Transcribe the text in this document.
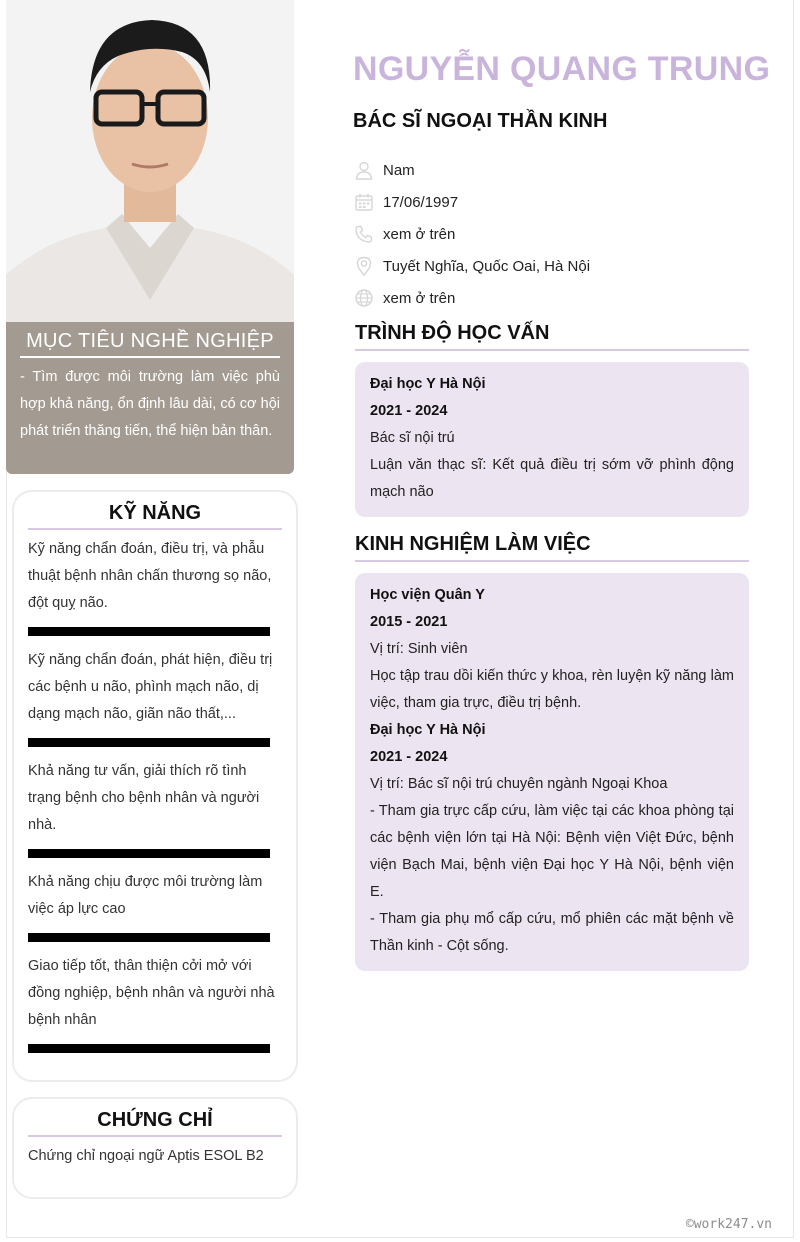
MỤC TIÊU NGHỀ NGHIỆP

- Tìm được môi trường làm việc phù hợp khả năng, ổn định lâu dài, có cơ hội phát triển thăng tiến, thể hiện bản thân.

KỸ NĂNG

Kỹ năng chẩn đoán, điều trị, và phẫu thuật bệnh nhân chấn thương sọ não, đột quỵ não.

Kỹ năng chẩn đoán, phát hiện, điều trị các bệnh u não, phình mạch não, dị dạng mạch não, giãn não thất,...

Khả năng tư vấn, giải thích rõ tình trạng bệnh cho bệnh nhân và người nhà.

Khả năng chịu được môi trường làm việc áp lực cao

Giao tiếp tốt, thân thiện cởi mở với đồng nghiệp, bệnh nhân và người nhà bệnh nhân

CHỨNG CHỈ

Chứng chỉ ngoại ngữ Aptis ESOL B2

NGUYỄN QUANG TRUNG
BÁC SĨ NGOẠI THẦN KINH
Nam
17/06/1997
xem ở trên
Tuyết Nghĩa, Quốc Oai, Hà Nội
xem ở trên
TRÌNH ĐỘ HỌC VẤN
Đại học Y Hà Nội
2021 - 2024
Bác sĩ nội trú
Luận văn thạc sĩ: Kết quả điều trị sớm vỡ phình động mạch não
KINH NGHIỆM LÀM VIỆC
Học viện Quân Y
2015 - 2021
Vị trí: Sinh viên
Học tập trau dồi kiến thức y khoa, rèn luyện kỹ năng làm việc, tham gia trực, điều trị bệnh.
Đại học Y Hà Nội
2021 - 2024
Vị trí: Bác sĩ nội trú chuyên ngành Ngoại Khoa
- Tham gia trực cấp cứu, làm việc tại các khoa phòng tại các bệnh viện lớn tại Hà Nội: Bệnh viện Việt Đức, bệnh viện Bạch Mai, bệnh viện Đại học Y Hà Nội, bệnh viện E.
- Tham gia phụ mổ cấp cứu, mổ phiên các mặt bệnh về Thần kinh - Cột sống.
©work247.vn
